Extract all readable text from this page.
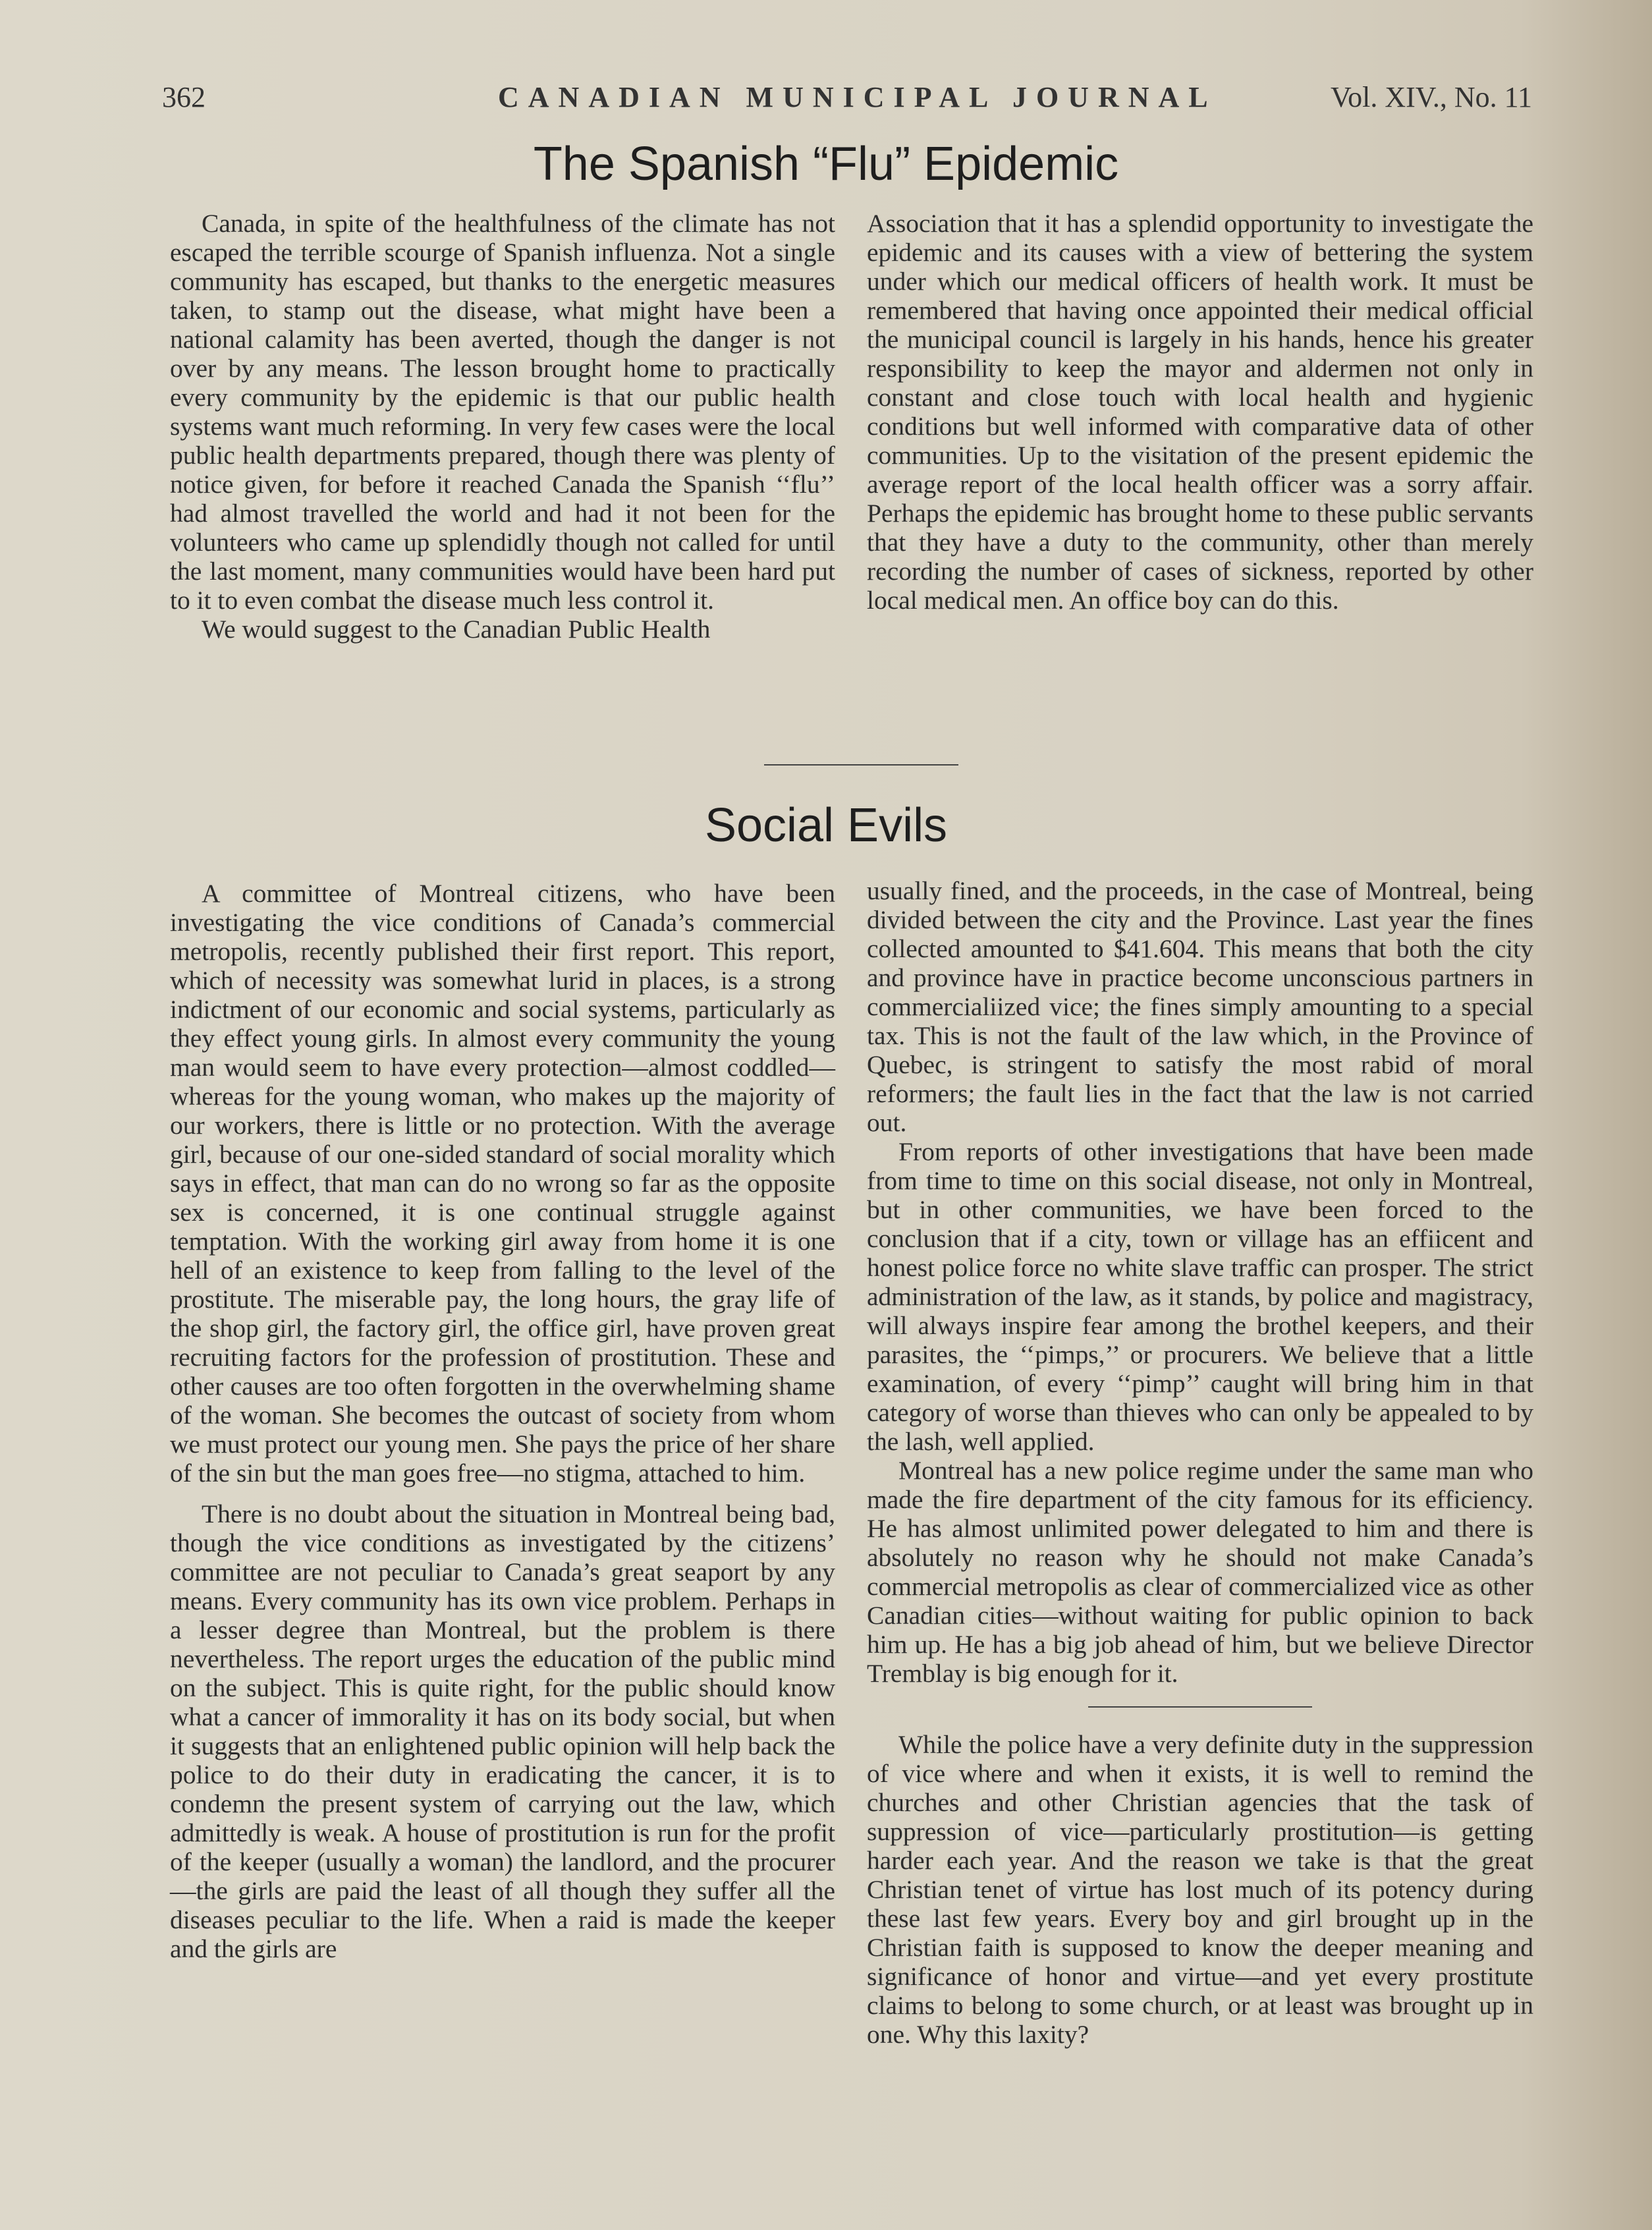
362	CANADIAN MUNICIPAL JOURNAL	Vol. XIV., No. 11
The Spanish “Flu” Epidemic

Canada, in spite of the healthfulness of the climate has not escaped the terrible scourge of Spanish influenza. Not a single community has escaped, but thanks to the energetic measures taken, to stamp out the disease, what might have been a national calamity has been averted, though the danger is not over by any means. The lesson brought home to practically every community by the epidemic is that our public health systems want much reforming. In very few cases were the local public health departments prepared, though there was plenty of notice given, for before it reached Canada the Spanish ‘‘flu’’ had almost travelled the world and had it not been for the volunteers who came up splendidly though not called for until the last moment, many communities would have been hard put to it to even combat the disease much less control it.

We would suggest to the Canadian Public Health

Association that it has a splendid opportunity to investigate the epidemic and its causes with a view of bettering the system under which our medical officers of health work. It must be remembered that having once appointed their medical official the municipal council is largely in his hands, hence his greater responsibility to keep the mayor and aldermen not only in constant and close touch with local health and hygienic conditions but well informed with comparative data of other communities. Up to the visitation of the present epidemic the average report of the local health officer was a sorry affair. Perhaps the epidemic has brought home to these public servants that they have a duty to the community, other than merely recording the number of cases of sickness, reported by other local medical men. An office boy can do this.

Social Evils

A committee of Montreal citizens, who have been investigating the vice conditions of Canada’s commercial metropolis, recently published their first report. This report, which of necessity was somewhat lurid in places, is a strong indictment of our economic and social systems, particularly as they effect young girls. In almost every community the young man would seem to have every protection—almost coddled—whereas for the young woman, who makes up the majority of our workers, there is little or no protection. With the average girl, because of our one-sided standard of social morality which says in effect, that man can do no wrong so far as the opposite sex is concerned, it is one continual struggle against temptation. With the working girl away from home it is one hell of an existence to keep from falling to the level of the prostitute. The miserable pay, the long hours, the gray life of the shop girl, the factory girl, the office girl, have proven great recruiting factors for the profession of prostitution. These and other causes are too often forgotten in the overwhelming shame of the woman. She becomes the outcast of society from whom we must protect our young men. She pays the price of her share of the sin but the man goes free—no stigma, attached to him.

There is no doubt about the situation in Montreal being bad, though the vice conditions as investigated by the citizens’ committee are not peculiar to Canada’s great seaport by any means. Every community has its own vice problem. Perhaps in a lesser degree than Montreal, but the problem is there nevertheless. The report urges the education of the public mind on the subject. This is quite right, for the public should know what a cancer of immorality it has on its body social, but when it suggests that an enlightened public opinion will help back the police to do their duty in eradicating the cancer, it is to condemn the present system of carrying out the law, which admittedly is weak. A house of prostitution is run for the profit of the keeper (usually a woman) the landlord, and the procurer—the girls are paid the least of all though they suffer all the diseases peculiar to the life. When a raid is made the keeper and the girls are

usually fined, and the proceeds, in the case of Montreal, being divided between the city and the Province. Last year the fines collected amounted to $41.604. This means that both the city and province have in practice become unconscious partners in commercialiized vice; the fines simply amounting to a special tax. This is not the fault of the law which, in the Province of Quebec, is stringent to satisfy the most rabid of moral reformers; the fault lies in the fact that the law is not carried out.

From reports of other investigations that have been made from time to time on this social disease, not only in Montreal, but in other communities, we have been forced to the conclusion that if a city, town or village has an effiicent and honest police force no white slave traffic can prosper. The strict administration of the law, as it stands, by police and magistracy, will always inspire fear among the brothel keepers, and their parasites, the ‘‘pimps,’’ or procurers. We believe that a little examination, of every ‘‘pimp’’ caught will bring him in that category of worse than thieves who can only be appealed to by the lash, well applied.

Montreal has a new police regime under the same man who made the fire department of the city famous for its efficiency. He has almost unlimited power delegated to him and there is absolutely no reason why he should not make Canada’s commercial metropolis as clear of commercialized vice as other Canadian cities—without waiting for public opinion to back him up. He has a big job ahead of him, but we believe Director Tremblay is big enough for it.

While the police have a very definite duty in the suppression of vice where and when it exists, it is well to remind the churches and other Christian agencies that the task of suppression of vice—particularly prostitution—is getting harder each year. And the reason we take is that the great Christian tenet of virtue has lost much of its potency during these last few years. Every boy and girl brought up in the Christian faith is supposed to know the deeper meaning and significance of honor and virtue—and yet every prostitute claims to belong to some church, or at least was brought up in one. Why this laxity?
